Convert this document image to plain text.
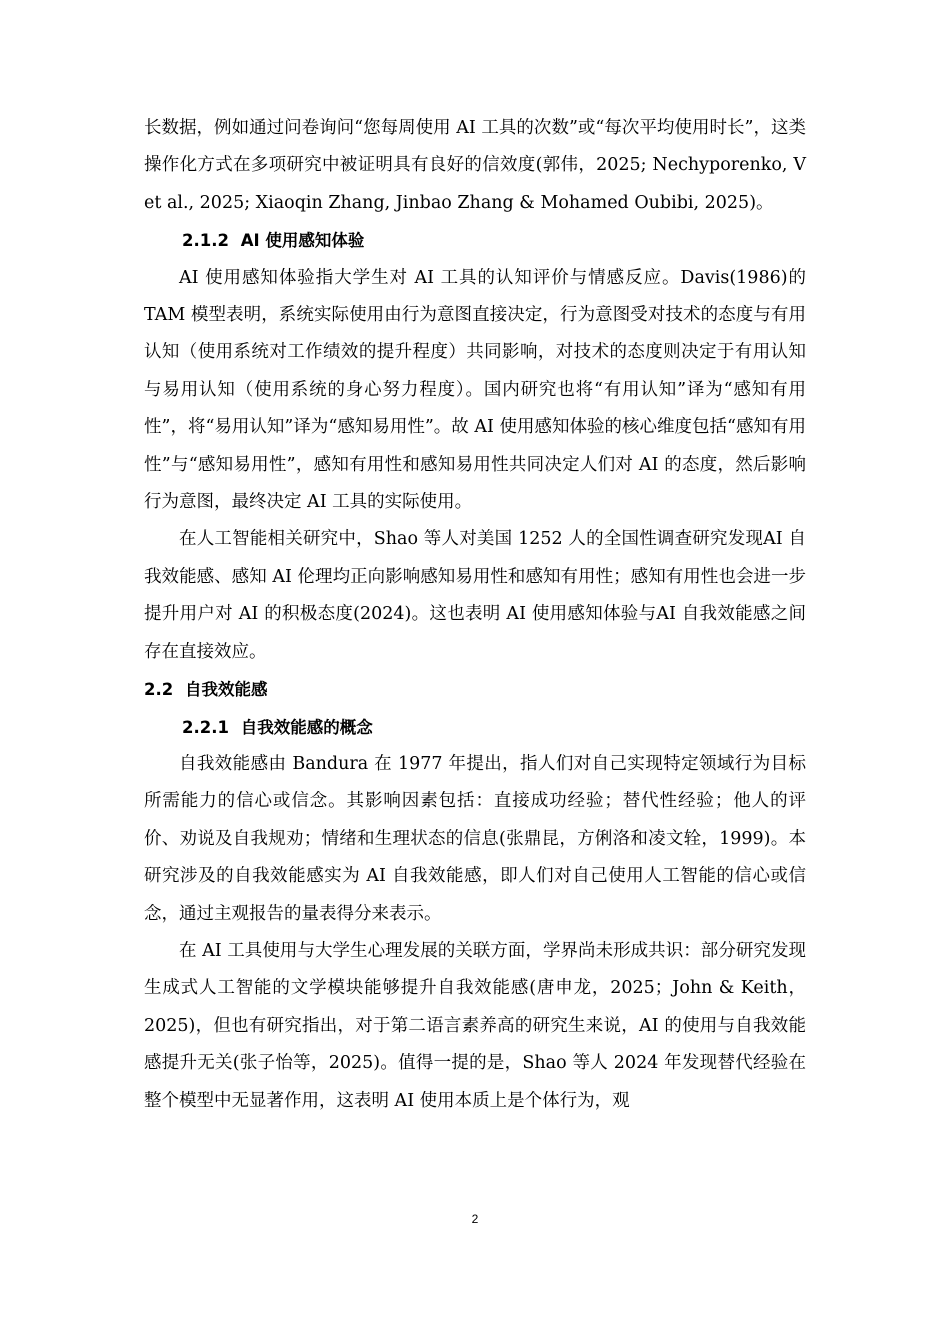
长数据，例如通过问卷询问“您每周使用 AI 工具的次数”或“每次平均使用时长”，这类操作化方式在多项研究中被证明具有良好的信效度(郭伟，2025; Nechyporenko, V et al., 2025; Xiaoqin Zhang, Jinbao Zhang & Mohamed Oubibi, 2025)。

2.1.2 AI 使用感知体验

AI 使用感知体验指大学生对 AI 工具的认知评价与情感反应。Davis(1986)的 TAM 模型表明，系统实际使用由行为意图直接决定，行为意图受对技术的态度与有用认知（使用系统对工作绩效的提升程度）共同影响，对技术的态度则决定于有用认知与易用认知（使用系统的身心努力程度）。国内研究也将“有用认知”译为“感知有用性”，将“易用认知”译为“感知易用性”。故 AI 使用感知体验的核心维度包括“感知有用性”与“感知易用性”，感知有用性和感知易用性共同决定人们对 AI 的态度，然后影响行为意图，最终决定 AI 工具的实际使用。

在人工智能相关研究中，Shao 等人对美国 1252 人的全国性调查研究发现AI 自我效能感、感知 AI 伦理均正向影响感知易用性和感知有用性；感知有用性也会进一步提升用户对 AI 的积极态度(2024)。这也表明 AI 使用感知体验与AI 自我效能感之间存在直接效应。

2.2 自我效能感
2.2.1 自我效能感的概念

自我效能感由 Bandura 在 1977 年提出，指人们对自己实现特定领域行为目标所需能力的信心或信念。其影响因素包括：直接成功经验；替代性经验；他人的评价、劝说及自我规劝；情绪和生理状态的信息(张鼎昆，方俐洛和凌文辁，1999)。本研究涉及的自我效能感实为 AI 自我效能感，即人们对自己使用人工智能的信心或信念，通过主观报告的量表得分来表示。

在 AI 工具使用与大学生心理发展的关联方面，学界尚未形成共识：部分研究发现生成式人工智能的文学模块能够提升自我效能感(唐申龙，2025；John & Keith，2025)，但也有研究指出，对于第二语言素养高的研究生来说，AI 的使用与自我效能感提升无关(张子怡等，2025)。值得一提的是，Shao 等人 2024 年发现替代经验在整个模型中无显著作用，这表明 AI 使用本质上是个体行为，观

2
